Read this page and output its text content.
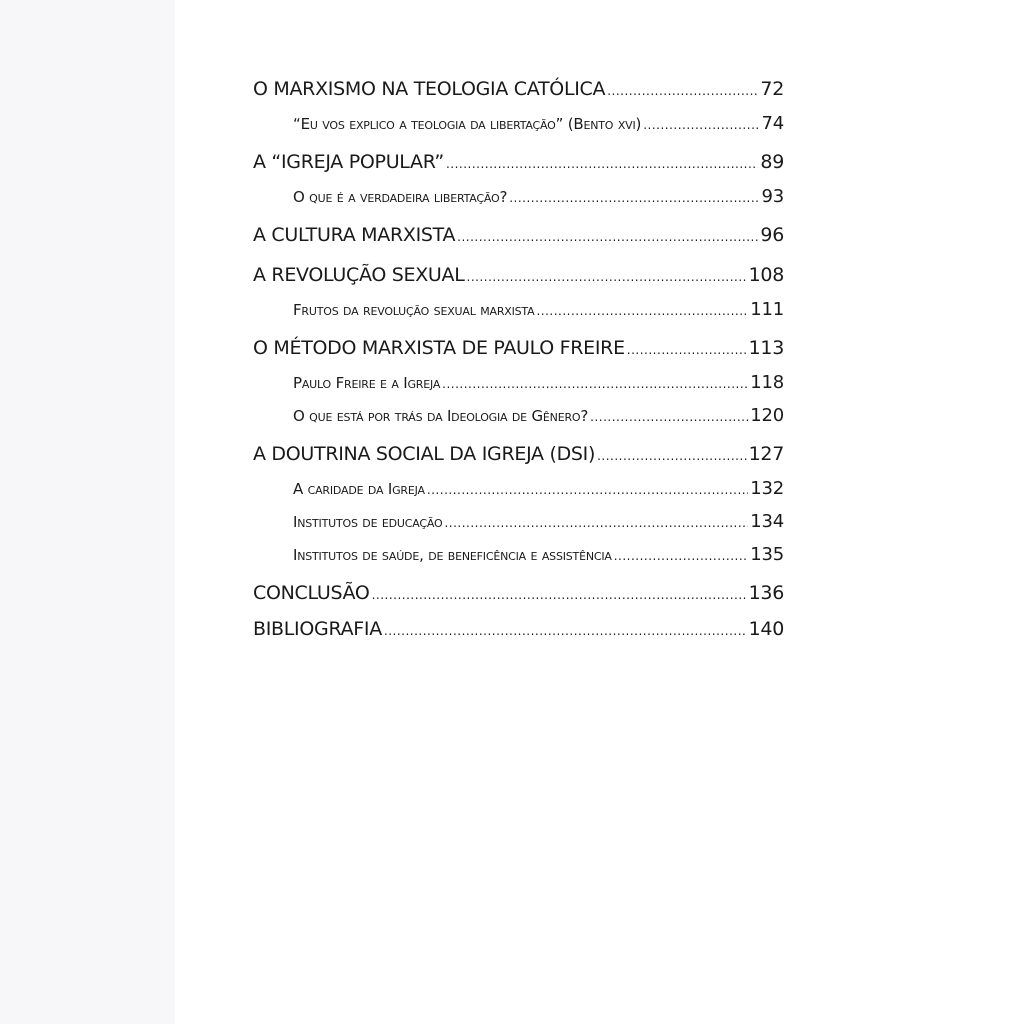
O MARXISMO NA TEOLOGIA CATÓLICA .....	72
“Eu vos explico a teologia da libertação” (Bento xvi) .....	74
A “IGREJA POPULAR” .....	89
O que é a verdadeira libertação? .....	93
A CULTURA MARXISTA .....	96
A REVOLUÇÃO SEXUAL .....	108
Frutos da revolução sexual marxista .....	111
O MÉTODO MARXISTA DE PAULO FREIRE .....	113
Paulo Freire e a Igreja .....	118
O que está por trás da Ideologia de Gênero? .....	120
A DOUTRINA SOCIAL DA IGREJA (DSI) .....	127
A caridade da Igreja .....	132
Institutos de educação .....	134
Institutos de saúde, de beneficência e assistência .....	135
CONCLUSÃO .....	136
BIBLIOGRAFIA .....	140
